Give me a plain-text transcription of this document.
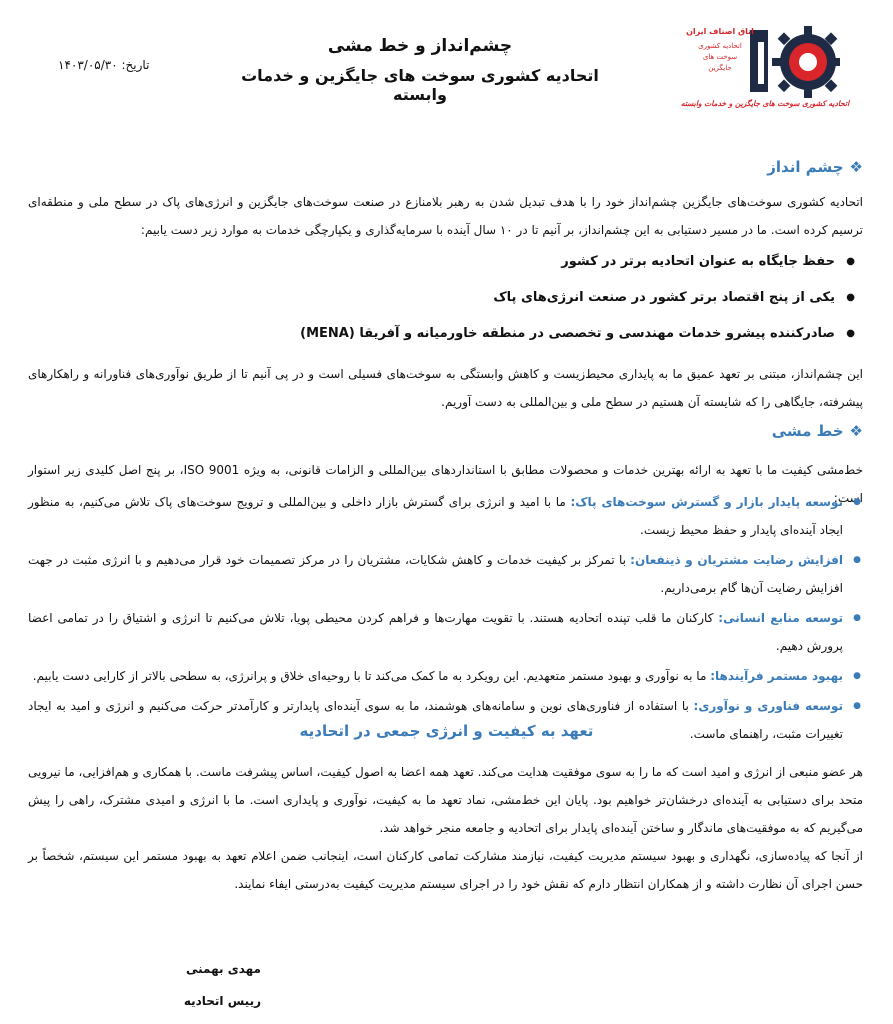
اتاق اصناف ایران
اتحادیه کشوری
سوخت های
جایگزین
اتحادیه کشوری سوخت های جایگزین و خدمات وابسته
چشم‌انداز و خط مشی
اتحادیه کشوری سوخت های جایگزین و خدمات وابسته
تاریخ: ۱۴۰۳/۰۵/۳۰
❖
چشم انداز
اتحادیه کشوری سوخت‌های جایگزین چشم‌انداز خود را با هدف تبدیل شدن به رهبر بلامنازع در صنعت سوخت‌های جایگزین و انرژی‌های پاک در سطح ملی و منطقه‌ای ترسیم کرده است. ما در مسیر دستیابی به این چشم‌انداز، بر آنیم تا در ۱۰ سال آینده با سرمایه‌گذاری و یکپارچگی خدمات به موارد زیر دست یابیم:
● حفظ جایگاه به عنوان اتحادیه برتر در کشور
● یکی از پنج اقتصاد برتر کشور در صنعت انرژی‌های پاک
● صادرکننده پیشرو خدمات مهندسی و تخصصی در منطقه خاورمیانه و آفریقا (MENA)
این چشم‌انداز، مبتنی بر تعهد عمیق ما به پایداری محیط‌زیست و کاهش وابستگی به سوخت‌های فسیلی است و در پی آنیم تا از طریق نوآوری‌های فناورانه و راهکارهای پیشرفته، جایگاهی را که شایسته آن هستیم در سطح ملی و بین‌المللی به دست آوریم.
❖
خط مشی
خط‌مشی کیفیت ما با تعهد به ارائه بهترین خدمات و محصولات مطابق با استانداردهای بین‌المللی و الزامات قانونی، به ویژه ISO 9001، بر پنج اصل کلیدی زیر استوار است:
● توسعه پایدار بازار و گسترش سوخت‌های پاک: ما با امید و انرژی برای گسترش بازار داخلی و بین‌المللی و ترویج سوخت‌های پاک تلاش می‌کنیم، به منظور ایجاد آینده‌ای پایدار و حفظ محیط زیست.
● افزایش رضایت مشتریان و ذینفعان: با تمرکز بر کیفیت خدمات و کاهش شکایات، مشتریان را در مرکز تصمیمات خود قرار می‌دهیم و با انرژی مثبت در جهت افزایش رضایت آن‌ها گام برمی‌داریم.
● توسعه منابع انسانی: کارکنان ما قلب تپنده اتحادیه هستند. با تقویت مهارت‌ها و فراهم کردن محیطی پویا، تلاش می‌کنیم تا انرژی و اشتیاق را در تمامی اعضا پرورش دهیم.
● بهبود مستمر فرآیندها: ما به نوآوری و بهبود مستمر متعهدیم. این رویکرد به ما کمک می‌کند تا با روحیه‌ای خلاق و پرانرژی، به سطحی بالاتر از کارایی دست یابیم.
● توسعه فناوری و نوآوری: با استفاده از فناوری‌های نوین و سامانه‌های هوشمند، ما به سوی آینده‌ای پایدارتر و کارآمدتر حرکت می‌کنیم و انرژی و امید به ایجاد تغییرات مثبت، راهنمای ماست.
تعهد به کیفیت و انرژی جمعی در اتحادیه
هر عضو منبعی از انرژی و امید است که ما را به سوی موفقیت هدایت می‌کند. تعهد همه اعضا به اصول کیفیت، اساس پیشرفت ماست. با همکاری و هم‌افزایی، ما نیرویی متحد برای دستیابی به آینده‌ای درخشان‌تر خواهیم بود. پایان این خط‌مشی، نماد تعهد ما به کیفیت، نوآوری و پایداری است. ما با انرژی و امیدی مشترک، راهی را پیش می‌گیریم که به موفقیت‌های ماندگار و ساختن آینده‌ای پایدار برای اتحادیه و جامعه منجر خواهد شد.
از آنجا که پیاده‌سازی، نگهداری و بهبود سیستم مدیریت کیفیت، نیازمند مشارکت تمامی کارکنان است، اینجانب ضمن اعلام تعهد به بهبود مستمر این سیستم، شخصاً بر حسن اجرای آن نظارت داشته و از همکاران انتظار دارم که نقش خود را در اجرای سیستم مدیریت کیفیت به‌درستی ایفاء نمایند.
مهدی بهمنی
رییس اتحادیه
